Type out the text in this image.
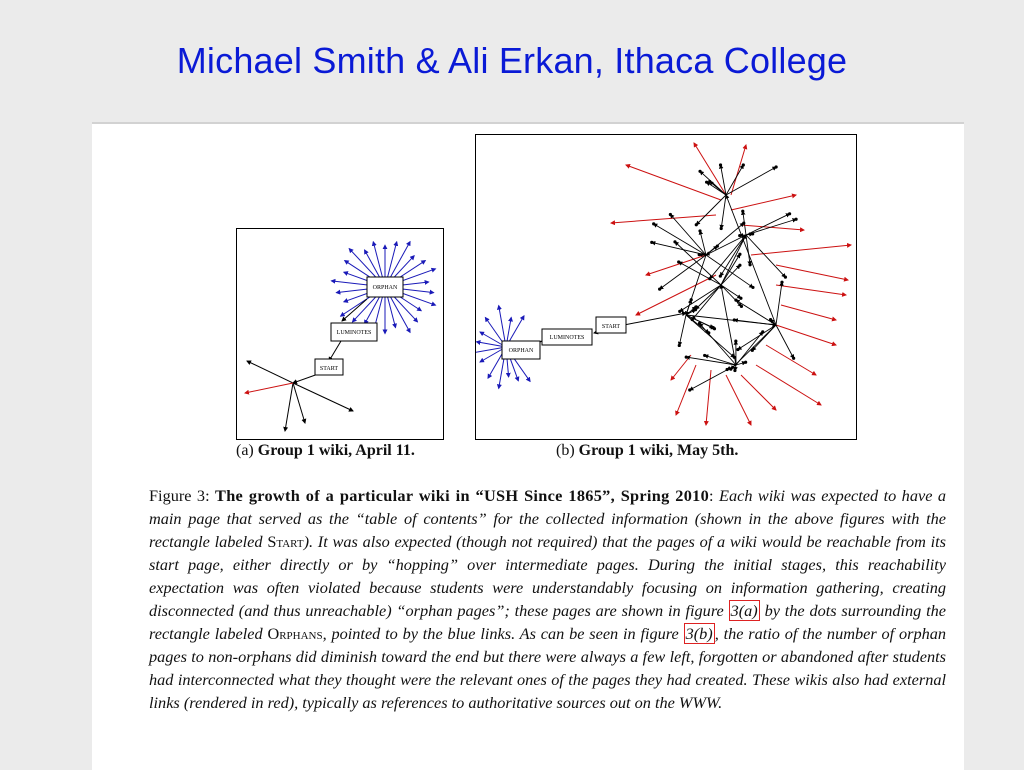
Michael Smith & Ali Erkan, Ithaca College
ORPHAN
LUMINOTES
START
(a) Group 1 wiki, April 11.
ORPHAN
LUMINOTES
START
(b) Group 1 wiki, May 5th.
Figure 3: The growth of a particular wiki in “USH Since 1865”, Spring 2010: Each wiki was expected to have a main page that served as the “table of contents” for the collected information (shown in the above figures with the rectangle labeled Start). It was also expected (though not required) that the pages of a wiki would be reachable from its start page, either directly or by “hopping” over intermediate pages. During the initial stages, this reachability expectation was often violated because students were understandably focusing on information gathering, creating disconnected (and thus unreachable) “orphan pages”; these pages are shown in figure 3(a) by the dots surrounding the rectangle labeled Orphans, pointed to by the blue links. As can be seen in figure 3(b) , the ratio of the number of orphan pages to non-orphans did diminish toward the end but there were always a few left, forgotten or abandoned after students had interconnected what they thought were the relevant ones of the pages they had created. These wikis also had external links (rendered in red), typically as references to authoritative sources out on the WWW.
